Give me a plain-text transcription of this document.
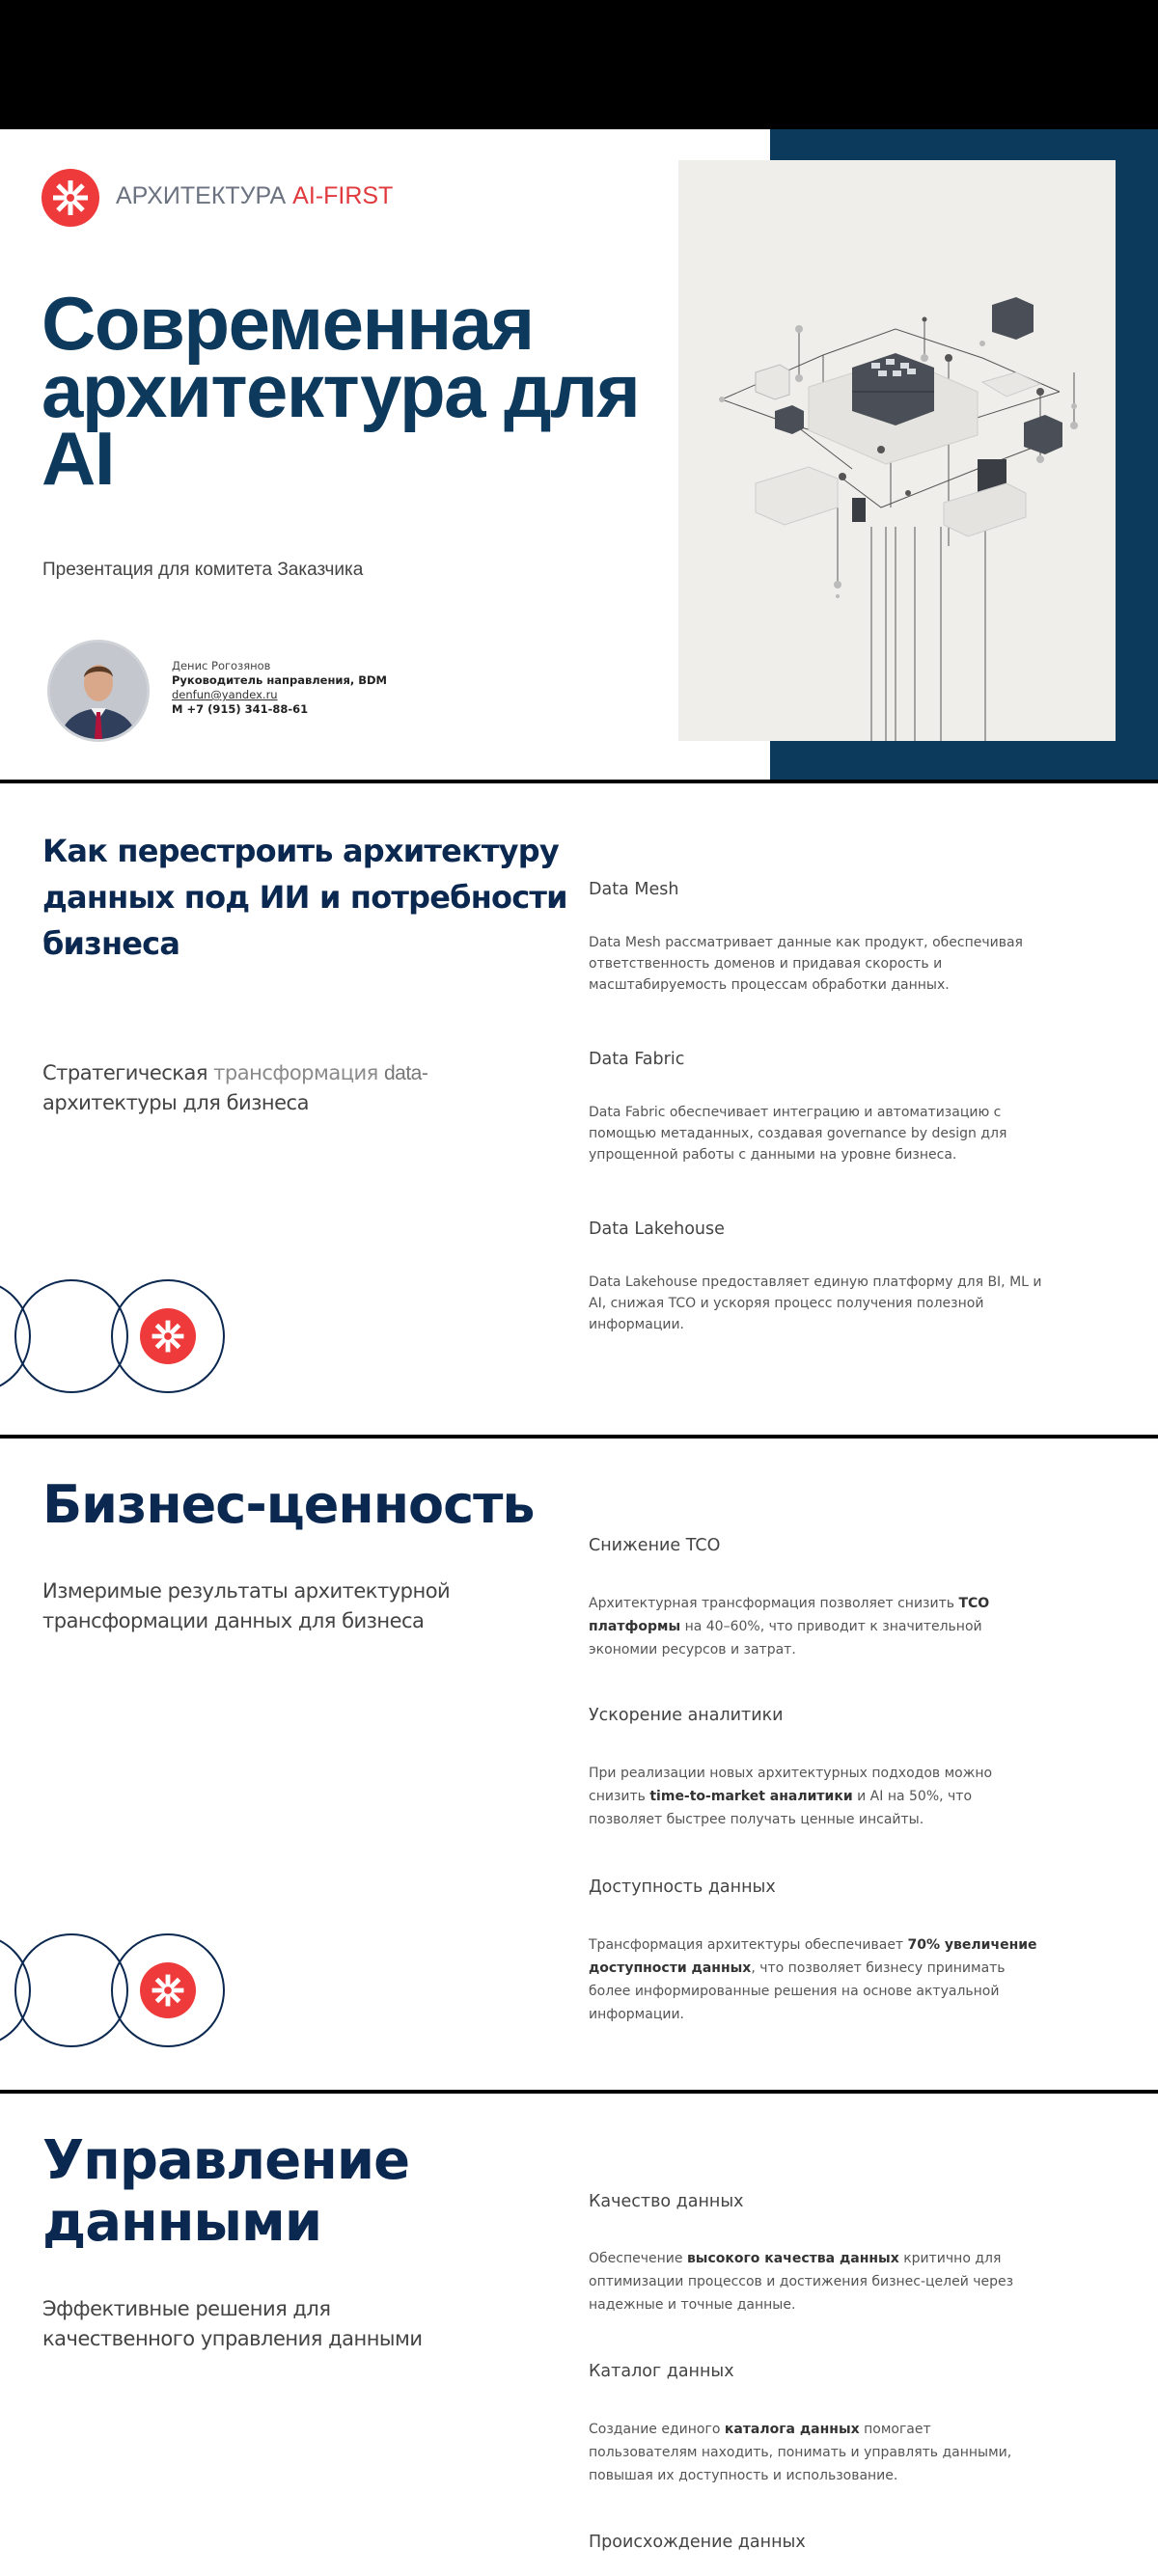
АРХИТЕКТУРА AI-FIRST
Современная
архитектура для
AI
Презентация для комитета Заказчика
Денис Рогозянов
Руководитель направления, BDM
denfun@yandex.ru
M +7 (915) 341-88-61
Как перестроить архитектуру
данных под ИИ и потребности
бизнеса
Стратегическая трансформация data-
архитектуры для бизнеса
Data Mesh
Data Mesh рассматривает данные как продукт, обеспечивая ответственность доменов и придавая скорость и масштабируемость процессам обработки данных.
Data Fabric
Data Fabric обеспечивает интеграцию и автоматизацию с помощью метаданных, создавая governance by design для упрощенной работы с данными на уровне бизнеса.
Data Lakehouse
Data Lakehouse предоставляет единую платформу для BI, ML и AI, снижая TCO и ускоряя процесс получения полезной информации.
Бизнес-ценность
Измеримые результаты архитектурной
трансформации данных для бизнеса
Снижение TCO
Архитектурная трансформация позволяет снизить TCO платформы на 40–60%, что приводит к значительной экономии ресурсов и затрат.
Ускорение аналитики
При реализации новых архитектурных подходов можно снизить time-to-market аналитики и AI на 50%, что позволяет быстрее получать ценные инсайты.
Доступность данных
Трансформация архитектуры обеспечивает 70% увеличение доступности данных, что позволяет бизнесу принимать более информированные решения на основе актуальной информации.
Управление
данными
Эффективные решения для
качественного управления данными
Качество данных
Обеспечение высокого качества данных критично для оптимизации процессов и достижения бизнес-целей через надежные и точные данные.
Каталог данных
Создание единого каталога данных помогает пользователям находить, понимать и управлять данными, повышая их доступность и использование.
Происхождение данных
